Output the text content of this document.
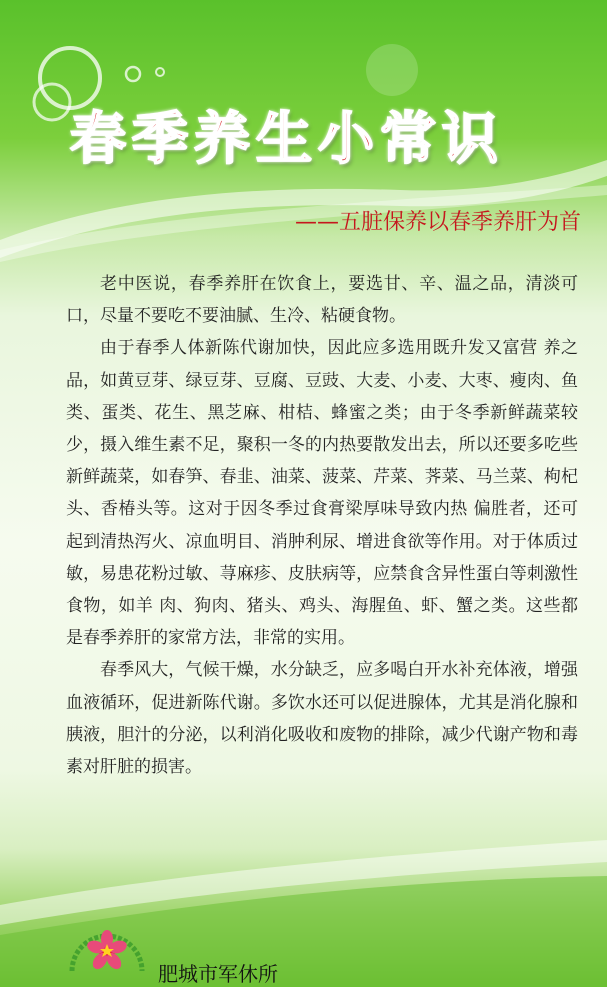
春季养生小常识
——五脏保养以春季养肝为首

老中医说，春季养肝在饮食上，要选甘、辛、温之品，清淡可口，尽量不要吃不要油腻、生冷、粘硬食物。

由于春季人体新陈代谢加快，因此应多选用既升发又富营 养之品，如黄豆芽、绿豆芽、豆腐、豆豉、大麦、小麦、大枣、瘦肉、鱼类、蛋类、花生、黑芝麻、柑桔、蜂蜜之类；由于冬季新鲜蔬菜较少，摄入维生素不足，聚积一冬的内热要散发出去，所以还要多吃些新鲜蔬菜，如春笋、春韭、油菜、菠菜、芹菜、荠菜、马兰菜、枸杞头、香椿头等。这对于因冬季过食膏梁厚味导致内热 偏胜者，还可起到清热泻火、凉血明目、消肿利尿、增进食欲等作用。对于体质过敏，易患花粉过敏、荨麻疹、皮肤病等，应禁食含异性蛋白等刺激性食物，如羊 肉、狗肉、猪头、鸡头、海腥鱼、虾、蟹之类。这些都是春季养肝的家常方法，非常的实用。

春季风大，气候干燥，水分缺乏，应多喝白开水补充体液，增强血液循环，促进新陈代谢。多饮水还可以促进腺体，尤其是消化腺和胰液，胆汁的分泌，以利消化吸收和废物的排除，减少代谢产物和毒素对肝脏的损害。

肥城市军休所
